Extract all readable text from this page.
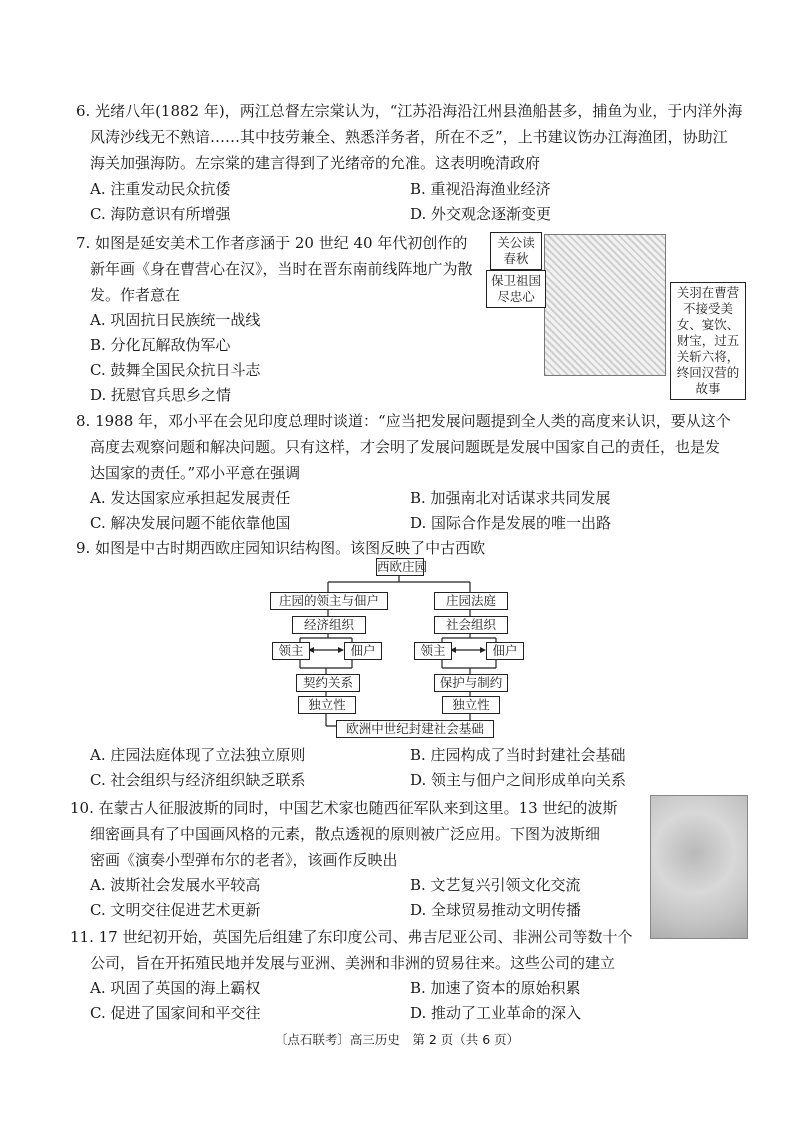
6. 光绪八年(1882 年)，两江总督左宗棠认为，“江苏沿海沿江州县渔船甚多，捕鱼为业，于内洋外海
风涛沙线无不熟谙……其中技劳兼全、熟悉洋务者，所在不乏”，上书建议饬办江海渔团，协助江
海关加强海防。左宗棠的建言得到了光绪帝的允准。这表明晚清政府
A. 注重发动民众抗倭	B. 重视沿海渔业经济
C. 海防意识有所增强	D. 外交观念逐渐变更
7. 如图是延安美术工作者彦涵于 20 世纪 40 年代初创作的
新年画《身在曹营心在汉》，当时在晋东南前线阵地广为散
发。作者意在
A. 巩固抗日民族统一战线
B. 分化瓦解敌伪军心
C. 鼓舞全国民众抗日斗志
D. 抚慰官兵思乡之情
关公读春秋
保卫祖国尽忠心	关羽在曹营不接受美女、宴饮、财宝，过五关斩六将，终回汉营的故事
8. 1988 年，邓小平在会见印度总理时谈道：“应当把发展问题提到全人类的高度来认识，要从这个
高度去观察问题和解决问题。只有这样，才会明了发展问题既是发展中国家自己的责任，也是发
达国家的责任。”邓小平意在强调
A. 发达国家应承担起发展责任	B. 加强南北对话谋求共同发展
C. 解决发展问题不能依靠他国	D. 国际合作是发展的唯一出路
9. 如图是中古时期西欧庄园知识结构图。该图反映了中古西欧
西欧庄园
庄园的领主与佃户
经济组织
领主	佃户
契约关系
独立性
庄园法庭
社会组织
领主	佃户
保护与制约
独立性
欧洲中世纪封建社会基础
A. 庄园法庭体现了立法独立原则	B. 庄园构成了当时封建社会基础
C. 社会组织与经济组织缺乏联系	D. 领主与佃户之间形成单向关系
10. 在蒙古人征服波斯的同时，中国艺术家也随西征军队来到这里。13 世纪的波斯
细密画具有了中国画风格的元素，散点透视的原则被广泛应用。下图为波斯细
密画《演奏小型弹布尔的老者》，该画作反映出
A. 波斯社会发展水平较高	B. 文艺复兴引领文化交流
C. 文明交往促进艺术更新	D. 全球贸易推动文明传播
11. 17 世纪初开始，英国先后组建了东印度公司、弗吉尼亚公司、非洲公司等数十个
公司，旨在开拓殖民地并发展与亚洲、美洲和非洲的贸易往来。这些公司的建立
A. 巩固了英国的海上霸权	B. 加速了资本的原始积累
C. 促进了国家间和平交往	D. 推动了工业革命的深入
〔点石联考〕高三历史　第 2 页（共 6 页）
